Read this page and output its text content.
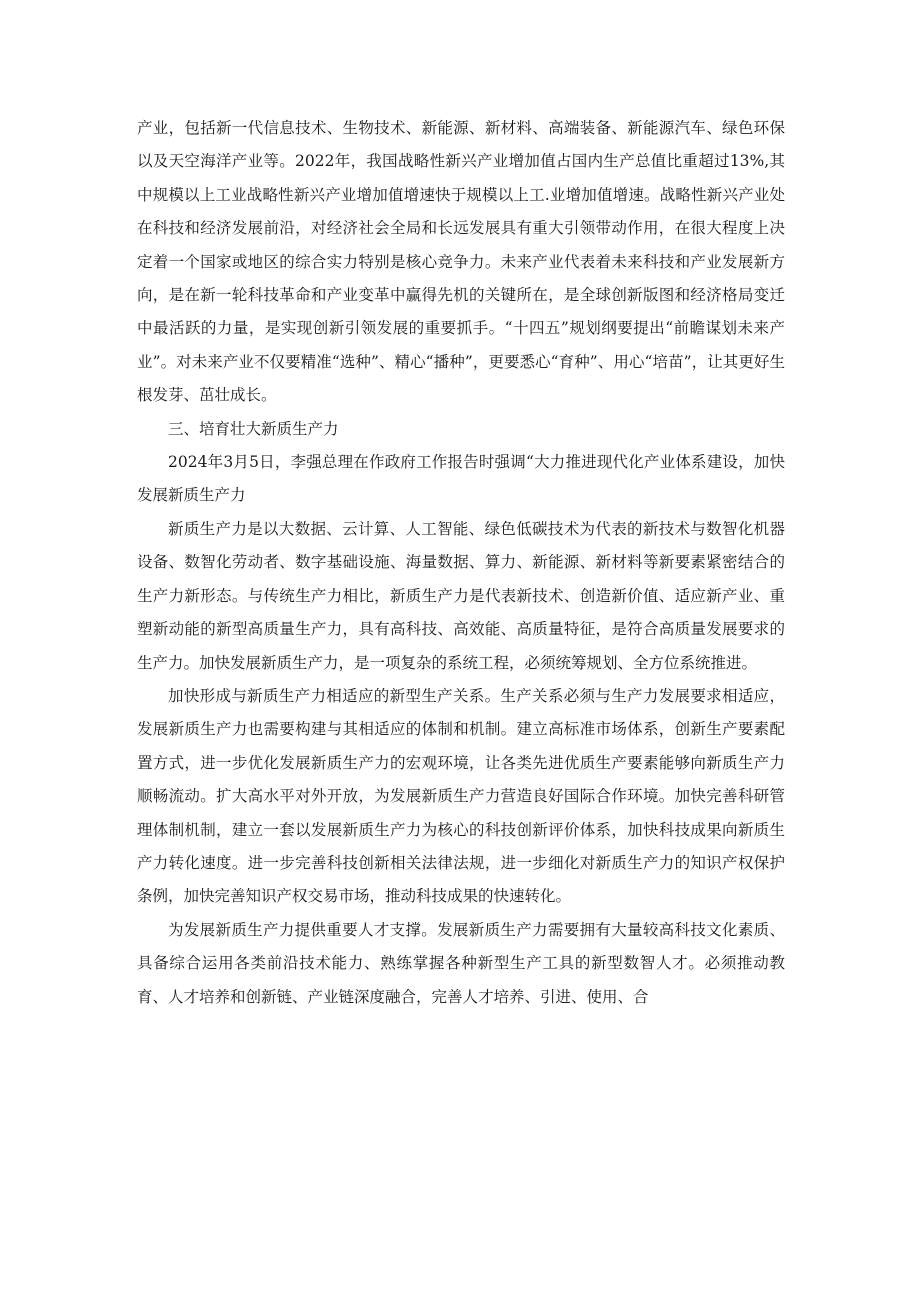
产业，包括新一代信息技术、生物技术、新能源、新材料、高端装备、新能源汽车、绿色环保以及天空海洋产业等。2022年，我国战略性新兴产业增加值占国内生产总值比重超过13%,其中规模以上工业战略性新兴产业增加值增速快于规模以上工.业增加值增速。战略性新兴产业处在科技和经济发展前沿，对经济社会全局和长远发展具有重大引领带动作用，在很大程度上决定着一个国家或地区的综合实力特别是核心竞争力。未来产业代表着未来科技和产业发展新方向，是在新一轮科技革命和产业变革中赢得先机的关键所在，是全球创新版图和经济格局变迁中最活跃的力量，是实现创新引领发展的重要抓手。“十四五”规划纲要提出“前瞻谋划未来产业”。对未来产业不仅要精准“选种”、精心“播种”，更要悉心“育种”、用心“培苗”，让其更好生根发芽、茁壮成长。

三、培育壮大新质生产力

2024年3月5日，李强总理在作政府工作报告时强调“大力推进现代化产业体系建设，加快发展新质生产力

新质生产力是以大数据、云计算、人工智能、绿色低碳技术为代表的新技术与数智化机器设备、数智化劳动者、数字基础设施、海量数据、算力、新能源、新材料等新要素紧密结合的生产力新形态。与传统生产力相比，新质生产力是代表新技术、创造新价值、适应新产业、重塑新动能的新型高质量生产力，具有高科技、高效能、高质量特征，是符合高质量发展要求的生产力。加快发展新质生产力，是一项复杂的系统工程，必须统筹规划、全方位系统推进。

加快形成与新质生产力相适应的新型生产关系。生产关系必须与生产力发展要求相适应，发展新质生产力也需要构建与其相适应的体制和机制。建立高标准市场体系，创新生产要素配置方式，进一步优化发展新质生产力的宏观环境，让各类先进优质生产要素能够向新质生产力顺畅流动。扩大高水平对外开放，为发展新质生产力营造良好国际合作环境。加快完善科研管理体制机制，建立一套以发展新质生产力为核心的科技创新评价体系，加快科技成果向新质生产力转化速度。进一步完善科技创新相关法律法规，进一步细化对新质生产力的知识产权保护条例，加快完善知识产权交易市场，推动科技成果的快速转化。

为发展新质生产力提供重要人才支撑。发展新质生产力需要拥有大量较高科技文化素质、具备综合运用各类前沿技术能力、熟练掌握各种新型生产工具的新型数智人才。必须推动教育、人才培养和创新链、产业链深度融合，完善人才培养、引进、使用、合
